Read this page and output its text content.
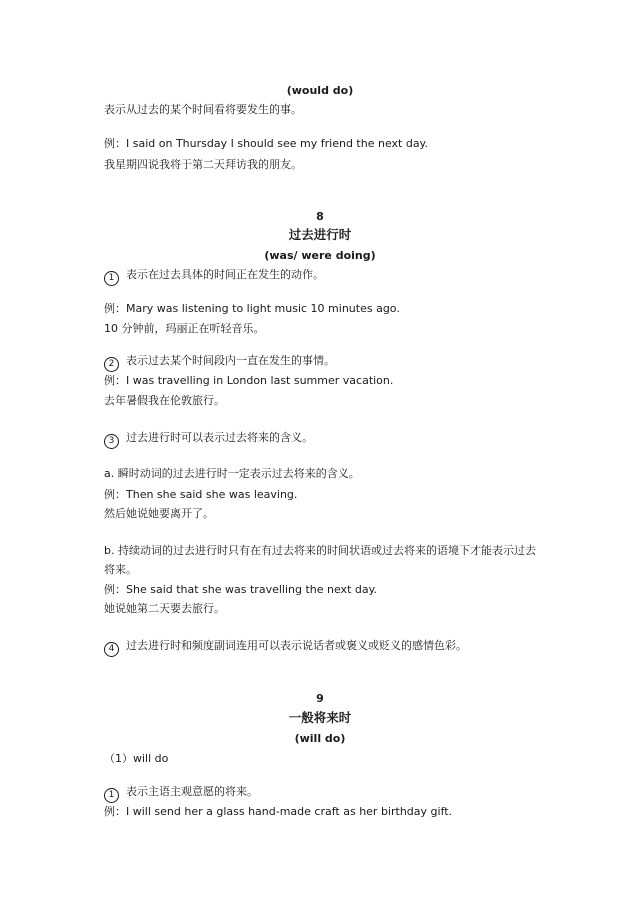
(would do)
表示从过去的某个时间看将要发生的事。
例：I said on Thursday I should see my friend the next day.
我星期四说我将于第二天拜访我的朋友。
8
过去进行时
(was/ were doing)
1 表示在过去具体的时间正在发生的动作。
例：Mary was listening to light music 10 minutes ago.
10 分钟前，玛丽正在听轻音乐。
2 表示过去某个时间段内一直在发生的事情。
例：I was travelling in London last summer vacation.
去年暑假我在伦敦旅行。
3 过去进行时可以表示过去将来的含义。
a. 瞬时动词的过去进行时一定表示过去将来的含义。
例：Then she said she was leaving.
然后她说她要离开了。
b. 持续动词的过去进行时只有在有过去将来的时间状语或过去将来的语境下才能表示过去将来。
例：She said that she was travelling the next day.
她说她第二天要去旅行。
4 过去进行时和频度副词连用可以表示说话者或褒义或贬义的感情色彩。
9
一般将来时
(will do)
（1）will do
1 表示主语主观意愿的将来。
例：I will send her a glass hand-made craft as her birthday gift.
